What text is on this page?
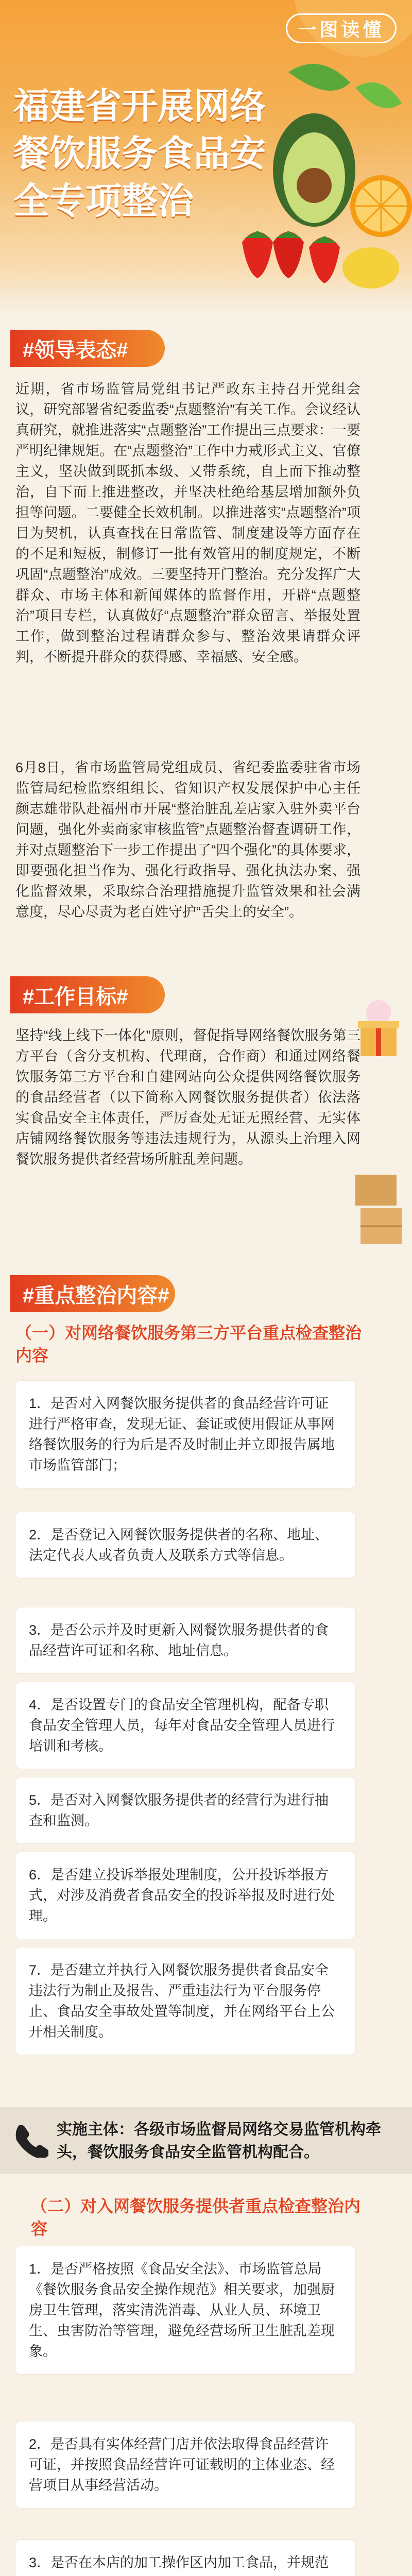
一图读懂
福建省开展网络餐饮服务食品安全专项整治
#领导表态#
近期，省市场监管局党组书记严政东主持召开党组会议，研究部署省纪委监委“点题整治”有关工作。会议经认真研究，就推进落实“点题整治”工作提出三点要求：一要严明纪律规矩。在“点题整治”工作中力戒形式主义、官僚主义，坚决做到既抓本级、又带系统，自上而下推动整治，自下而上推进整改，并坚决杜绝给基层增加额外负担等问题。二要健全长效机制。以推进落实“点题整治”项目为契机，认真查找在日常监管、制度建设等方面存在的不足和短板，制修订一批有效管用的制度规定，不断巩固“点题整治”成效。三要坚持开门整治。充分发挥广大群众、市场主体和新闻媒体的监督作用，开辟“点题整治”项目专栏，认真做好“点题整治”群众留言、举报处置工作，做到整治过程请群众参与、整治效果请群众评判，不断提升群众的获得感、幸福感、安全感。
6月8日，省市场监管局党组成员、省纪委监委驻省市场监管局纪检监察组组长、省知识产权发展保护中心主任颜志雄带队赴福州市开展“整治脏乱差店家入驻外卖平台问题，强化外卖商家审核监管”点题整治督查调研工作，并对点题整治下一步工作提出了“四个强化”的具体要求，即要强化担当作为、强化行政指导、强化执法办案、强化监督效果，采取综合治理措施提升监管效果和社会满意度，尽心尽责为老百姓守护“舌尖上的安全”。
#工作目标#
坚持“线上线下一体化”原则，督促指导网络餐饮服务第三方平台（含分支机构、代理商，合作商）和通过网络餐饮服务第三方平台和自建网站向公众提供网络餐饮服务的食品经营者（以下简称入网餐饮服务提供者）依法落实食品安全主体责任，严厉查处无证无照经营、无实体店铺网络餐饮服务等违法违规行为，从源头上治理入网餐饮服务提供者经营场所脏乱差问题。
#重点整治内容#
（一）对网络餐饮服务第三方平台重点检查整治内容
1．是否对入网餐饮服务提供者的食品经营许可证进行严格审查，发现无证、套证或使用假证从事网络餐饮服务的行为后是否及时制止并立即报告属地市场监管部门；
2．是否登记入网餐饮服务提供者的名称、地址、法定代表人或者负责人及联系方式等信息。
3．是否公示并及时更新入网餐饮服务提供者的食品经营许可证和名称、地址信息。
4．是否设置专门的食品安全管理机构，配备专职食品安全管理人员，每年对食品安全管理人员进行培训和考核。
5．是否对入网餐饮服务提供者的经营行为进行抽查和监测。
6．是否建立投诉举报处理制度，公开投诉举报方式，对涉及消费者食品安全的投诉举报及时进行处理。
7．是否建立并执行入网餐饮服务提供者食品安全违法行为制止及报告、严重违法行为平台服务停止、食品安全事故处置等制度，并在网络平台上公开相关制度。
实施主体：各级市场监督局网络交易监管机构牵头，餐饮服务食品安全监管机构配合。
（二）对入网餐饮服务提供者重点检查整治内容
1．是否严格按照《食品安全法》、市场监管总局《餐饮服务食品安全操作规范》相关要求，加强厨房卫生管理，落实清洗消毒、从业人员、环境卫生、虫害防治等管理，避免经营场所卫生脏乱差现象。
2．是否具有实体经营门店并依法取得食品经营许可证，并按照食品经营许可证载明的主体业态、经营项目从事经营活动。
3．是否在本店的加工操作区内加工食品，并规范
